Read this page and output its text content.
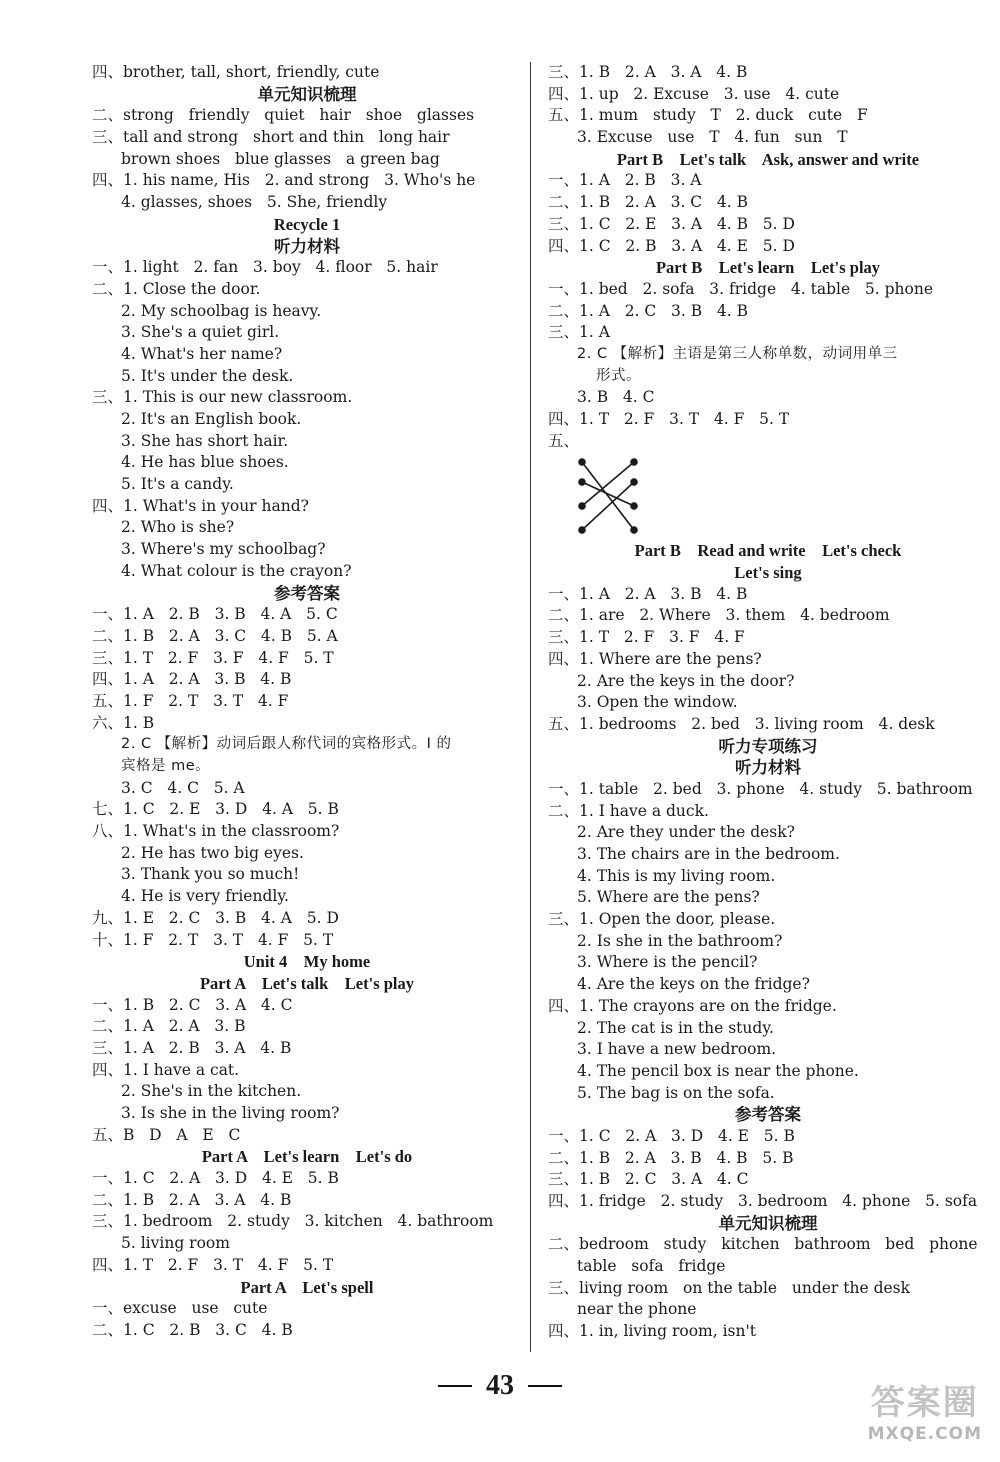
四、brother, tall, short, friendly, cute
单元知识梳理
二、strong   friendly   quiet   hair   shoe   glasses
三、tall and strong   short and thin   long hair
brown shoes   blue glasses   a green bag
四、1. his name, His   2. and strong   3. Who's he
4. glasses, shoes   5. She, friendly
Recycle 1
听力材料
一、1. light   2. fan   3. boy   4. floor   5. hair
二、1. Close the door.
2. My schoolbag is heavy.
3. She's a quiet girl.
4. What's her name?
5. It's under the desk.
三、1. This is our new classroom.
2. It's an English book.
3. She has short hair.
4. He has blue shoes.
5. It's a candy.
四、1. What's in your hand?
2. Who is she?
3. Where's my schoolbag?
4. What colour is the crayon?
参考答案
一、1. A   2. B   3. B   4. A   5. C
二、1. B   2. A   3. C   4. B   5. A
三、1. T   2. F   3. F   4. F   5. T
四、1. A   2. A   3. B   4. B
五、1. F   2. T   3. T   4. F
六、1. B
2. C 【解析】动词后跟人称代词的宾格形式。I 的
宾格是 me。
3. C   4. C   5. A
七、1. C   2. E   3. D   4. A   5. B
八、1. What's in the classroom?
2. He has two big eyes.
3. Thank you so much!
4. He is very friendly.
九、1. E   2. C   3. B   4. A   5. D
十、1. F   2. T   3. T   4. F   5. T
Unit 4    My home
Part A    Let's talk    Let's play
一、1. B   2. C   3. A   4. C
二、1. A   2. A   3. B
三、1. A   2. B   3. A   4. B
四、1. I have a cat.
2. She's in the kitchen.
3. Is she in the living room?
五、B   D   A   E   C
Part A    Let's learn    Let's do
一、1. C   2. A   3. D   4. E   5. B
二、1. B   2. A   3. A   4. B
三、1. bedroom   2. study   3. kitchen   4. bathroom
5. living room
四、1. T   2. F   3. T   4. F   5. T
Part A    Let's spell
一、excuse   use   cute
二、1. C   2. B   3. C   4. B
三、1. B   2. A   3. A   4. B
四、1. up   2. Excuse   3. use   4. cute
五、1. mum   study   T   2. duck   cute   F
3. Excuse   use   T   4. fun   sun   T
Part B    Let's talk    Ask, answer and write
一、1. A   2. B   3. A
二、1. B   2. A   3. C   4. B
三、1. C   2. E   3. A   4. B   5. D
四、1. C   2. B   3. A   4. E   5. D
Part B    Let's learn    Let's play
一、1. bed   2. sofa   3. fridge   4. table   5. phone
二、1. A   2. C   3. B   4. B
三、1. A
2. C 【解析】主语是第三人称单数，动词用单三
形式。
3. B   4. C
四、1. T   2. F   3. T   4. F   5. T
五、
Part B    Read and write    Let's check
Let's sing
一、1. A   2. A   3. B   4. B
二、1. are   2. Where   3. them   4. bedroom
三、1. T   2. F   3. F   4. F
四、1. Where are the pens?
2. Are the keys in the door?
3. Open the window.
五、1. bedrooms   2. bed   3. living room   4. desk
听力专项练习
听力材料
一、1. table   2. bed   3. phone   4. study   5. bathroom
二、1. I have a duck.
2. Are they under the desk?
3. The chairs are in the bedroom.
4. This is my living room.
5. Where are the pens?
三、1. Open the door, please.
2. Is she in the bathroom?
3. Where is the pencil?
4. Are the keys on the fridge?
四、1. The crayons are on the fridge.
2. The cat is in the study.
3. I have a new bedroom.
4. The pencil box is near the phone.
5. The bag is on the sofa.
参考答案
一、1. C   2. A   3. D   4. E   5. B
二、1. B   2. A   3. B   4. B   5. B
三、1. B   2. C   3. A   4. C
四、1. fridge   2. study   3. bedroom   4. phone   5. sofa
单元知识梳理
二、bedroom   study   kitchen   bathroom   bed   phone
table   sofa   fridge
三、living room   on the table   under the desk
near the phone
四、1. in, living room, isn't
43	答案圈
MXQE.COM
